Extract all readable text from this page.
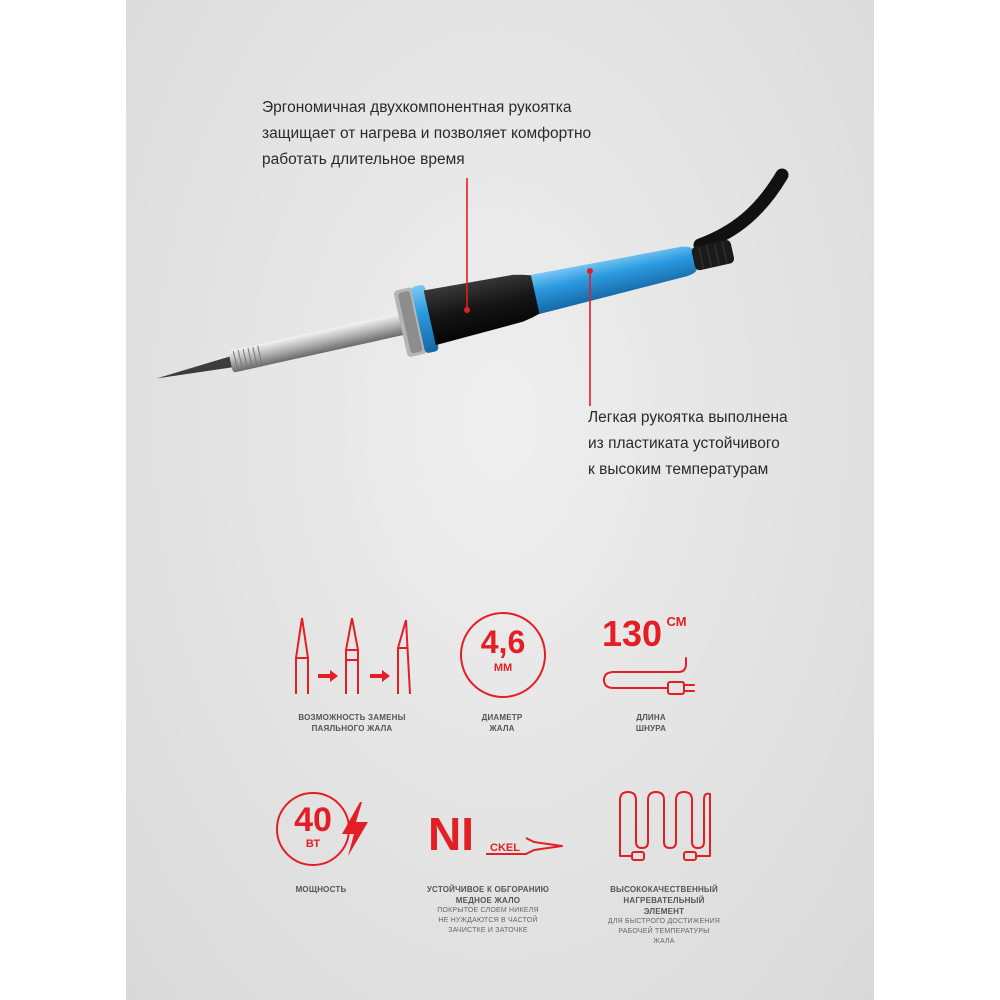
Эргономичная двухкомпонентная рукоятка
защищает от нагрева и позволяет комфортно
работать длительное время
Легкая рукоятка выполнена
из пластиката устойчивого
к высоким температурам
ВОЗМОЖНОСТЬ ЗАМЕНЫ
ПАЯЛЬНОГО ЖАЛА
4,6
ММ
ДИАМЕТР
ЖАЛА
130 $^{СМ}$
ДЛИНА
ШНУРА
40
ВТ
МОЩНОСТЬ
NI CKEL
УСТОЙЧИВОЕ К ОБГОРАНИЮ
МЕДНОЕ ЖАЛО
ПОКРЫТОЕ СЛОЕМ НИКЕЛЯ
НЕ НУЖДАЮТСЯ В ЧАСТОЙ
ЗАЧИСТКЕ И ЗАТОЧКЕ
ВЫСОКОКАЧЕСТВЕННЫЙ
НАГРЕВАТЕЛЬНЫЙ
ЭЛЕМЕНТ
ДЛЯ БЫСТРОГО ДОСТИЖЕНИЯ
РАБОЧЕЙ ТЕМПЕРАТУРЫ
ЖАЛА
